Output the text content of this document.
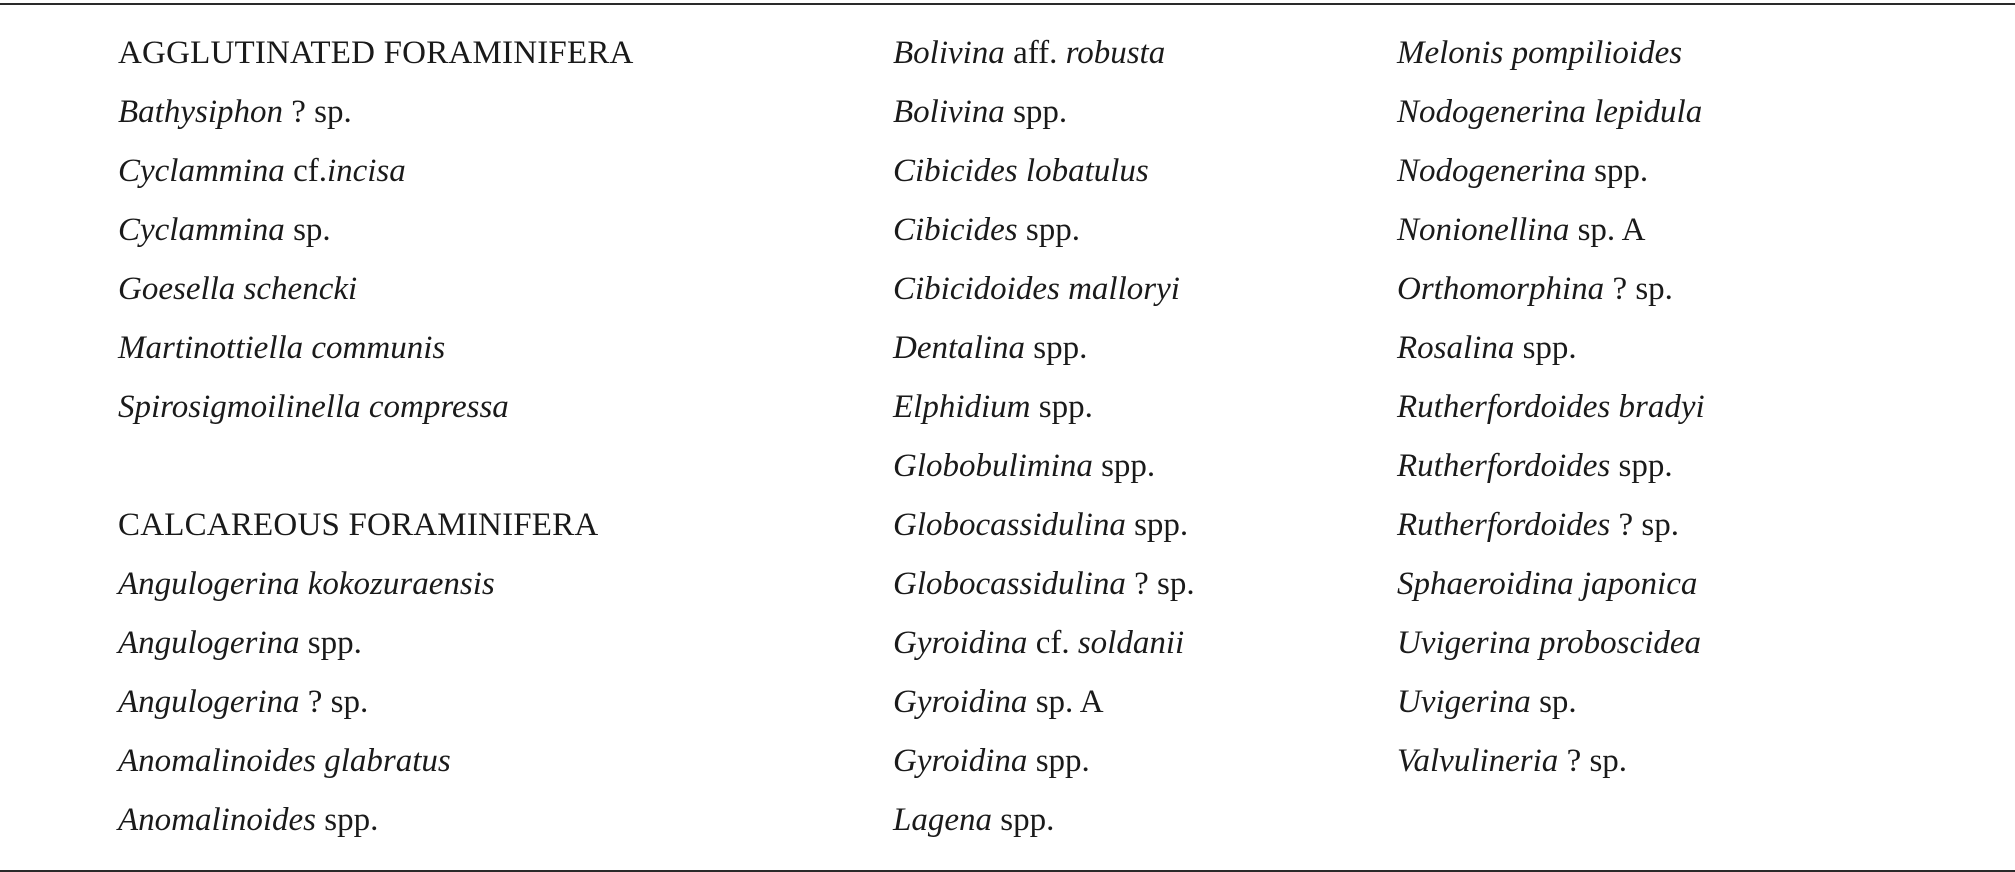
AGGLUTINATED FORAMINIFERA
Bathysiphon ? sp.
Cyclammina cf.incisa
Cyclammina sp.
Goesella schencki
Martinottiella communis
Spirosigmoilinella compressa
CALCAREOUS FORAMINIFERA
Angulogerina kokozuraensis
Angulogerina spp.
Angulogerina ? sp.
Anomalinoides glabratus
Anomalinoides spp.
Bolivina aff. robusta
Bolivina spp.
Cibicides lobatulus
Cibicides spp.
Cibicidoides malloryi
Dentalina spp.
Elphidium spp.
Globobulimina spp.
Globocassidulina spp.
Globocassidulina ? sp.
Gyroidina cf. soldanii
Gyroidina sp. A
Gyroidina spp.
Lagena spp.
Melonis pompilioides
Nodogenerina lepidula
Nodogenerina spp.
Nonionellina sp. A
Orthomorphina ? sp.
Rosalina spp.
Rutherfordoides bradyi
Rutherfordoides spp.
Rutherfordoides ? sp.
Sphaeroidina japonica
Uvigerina proboscidea
Uvigerina sp.
Valvulineria ? sp.
